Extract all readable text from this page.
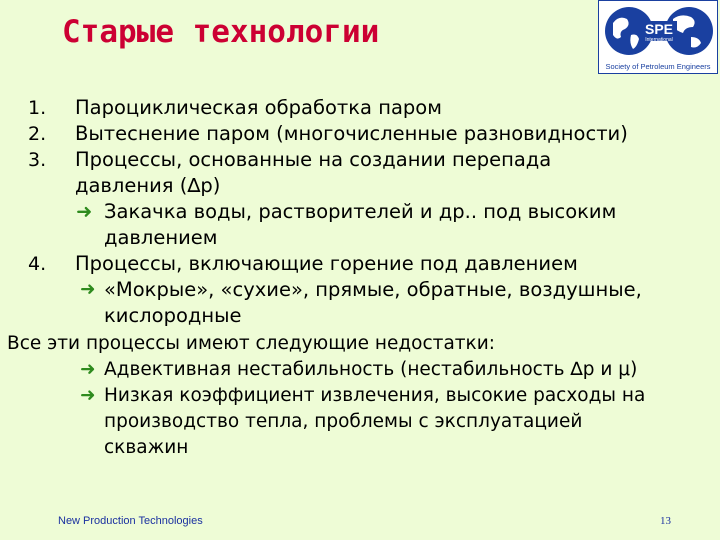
Старые технологии	SPE
International
Society of Petroleum Engineers
1.	Пароциклическая обработка паром
2.	Вытеснение паром (многочисленные разновидности)
3.	Процессы, основанные на создании перепада
давления (∆p)
➜ Закачка воды, растворителей и др.. под высоким
давлением
4.	Процессы, включающие горение под давлением
➜ «Мокрые», «сухие», прямые, обратные, воздушные,
кислородные
Все эти процессы имеют следующие недостатки:
➜ Адвективная нестабильность (нестабильность ∆p и μ)
➜ Низкая коэффициент извлечения, высокие расходы на
производство тепла, проблемы с эксплуатацией
скважин
New Production Technologies	13
